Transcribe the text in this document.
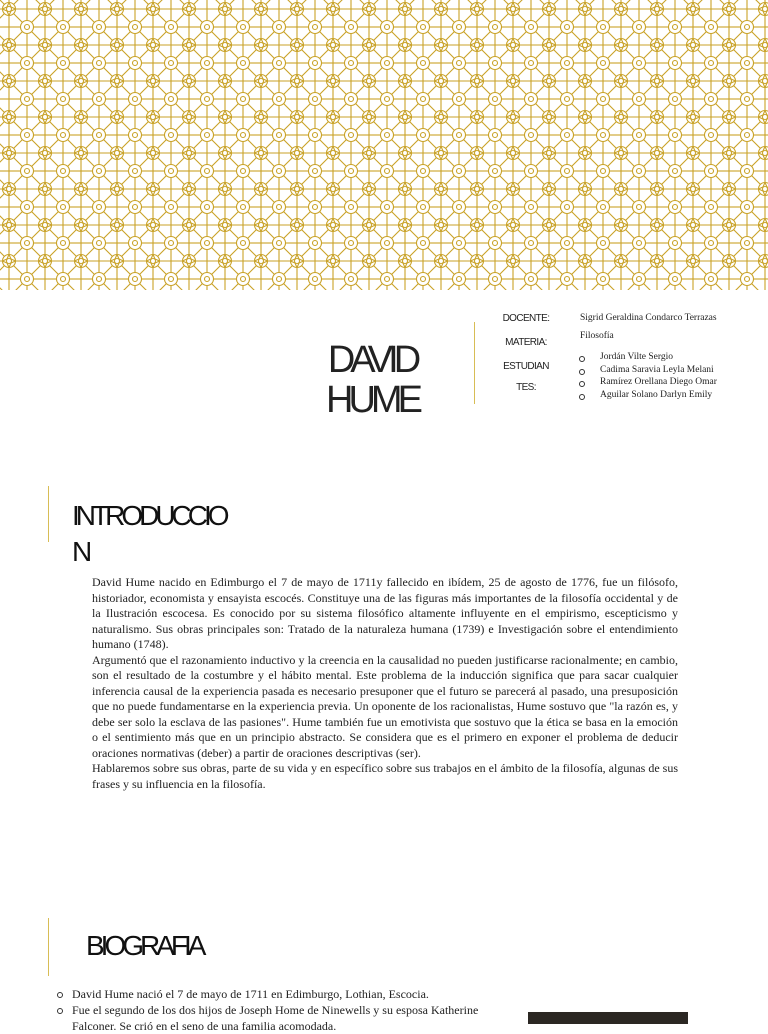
DAVID HUME
DOCENTE:
MATERIA:
ESTUDIANTES:
Sigrid Geraldina Condarco Terrazas
Filosofía
Jordán Vilte Sergio
Cadima Saravia Leyla Melani
Ramírez Orellana Diego Omar
Aguilar Solano Darlyn Emily
INTRODUCCION

David Hume nacido en Edimburgo el 7 de mayo de 1711y fallecido en ibídem, 25 de agosto de 1776, fue un filósofo, historiador, economista y ensayista escocés. Constituye una de las figuras más importantes de la filosofía occidental y de la Ilustración escocesa. Es conocido por su sistema filosófico altamente influyente en el empirismo, escepticismo y naturalismo. Sus obras principales son: Tratado de la naturaleza humana (1739) e Investigación sobre el entendimiento humano (1748).

Argumentó que el razonamiento inductivo y la creencia en la causalidad no pueden justificarse racionalmente; en cambio, son el resultado de la costumbre y el hábito mental. Este problema de la inducción significa que para sacar cualquier inferencia causal de la experiencia pasada es necesario presuponer que el futuro se parecerá al pasado, una presuposición que no puede fundamentarse en la experiencia previa. Un oponente de los racionalistas, Hume sostuvo que "la razón es, y debe ser solo la esclava de las pasiones". Hume también fue un emotivista que sostuvo que la ética se basa en la emoción o el sentimiento más que en un principio abstracto. Se considera que es el primero en exponer el problema de deducir oraciones normativas (deber) a partir de oraciones descriptivas (ser).

Hablaremos sobre sus obras, parte de su vida y en específico sobre sus trabajos en el ámbito de la filosofía, algunas de sus frases y su influencia en la filosofía.

BIOGRAFIA
David Hume nació el 7 de mayo de 1711 en Edimburgo, Lothian, Escocia.
Fue el segundo de los dos hijos de Joseph Home de Ninewells y su esposa Katherine Falconer. Se crió en el seno de una familia acomodada.
